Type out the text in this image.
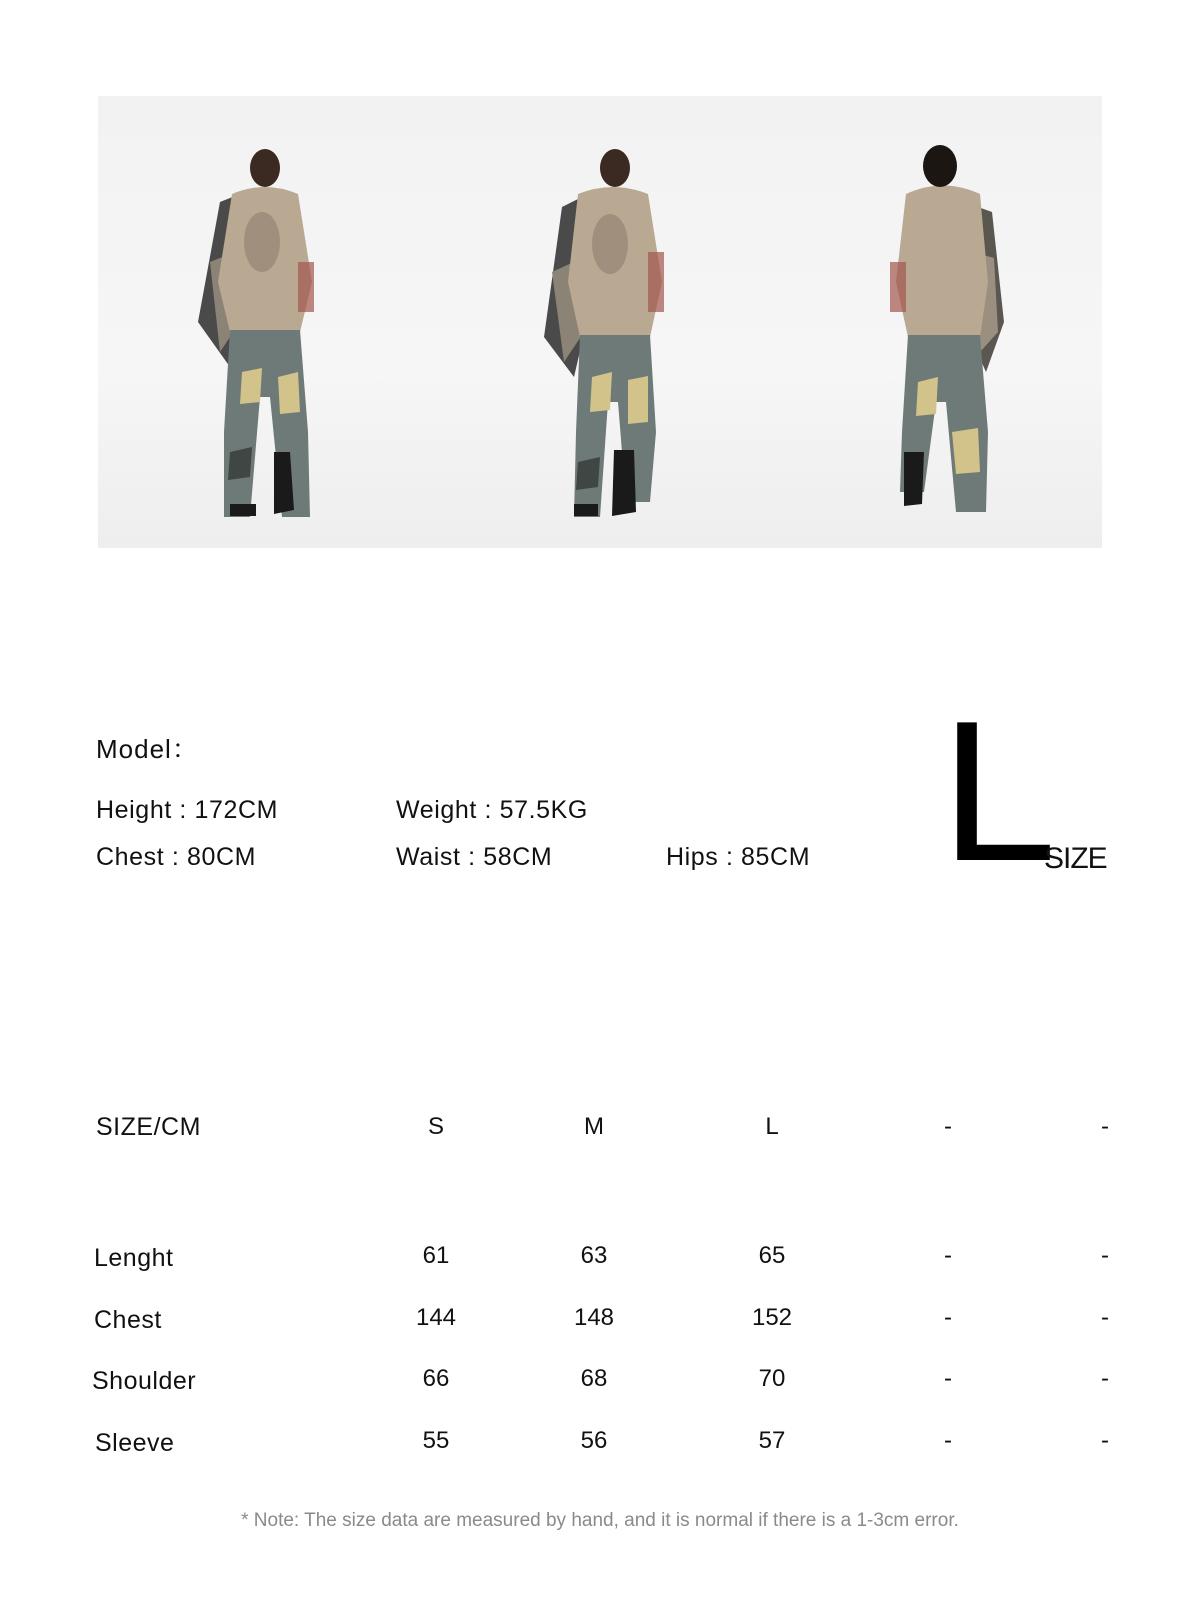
Model：
Height : 172CM	Weight : 57.5KG
Chest : 80CM	Waist : 58CM	Hips : 85CM L
SIZE
SIZE/CM	S	M	L	-	-
Lenght	61	63	65	-	-
Chest	144	148	152	-	-
Shoulder	66	68	70	-	-
Sleeve	55	56	57	-	-
* Note: The size data are measured by hand, and it is normal if there is a 1-3cm error.
